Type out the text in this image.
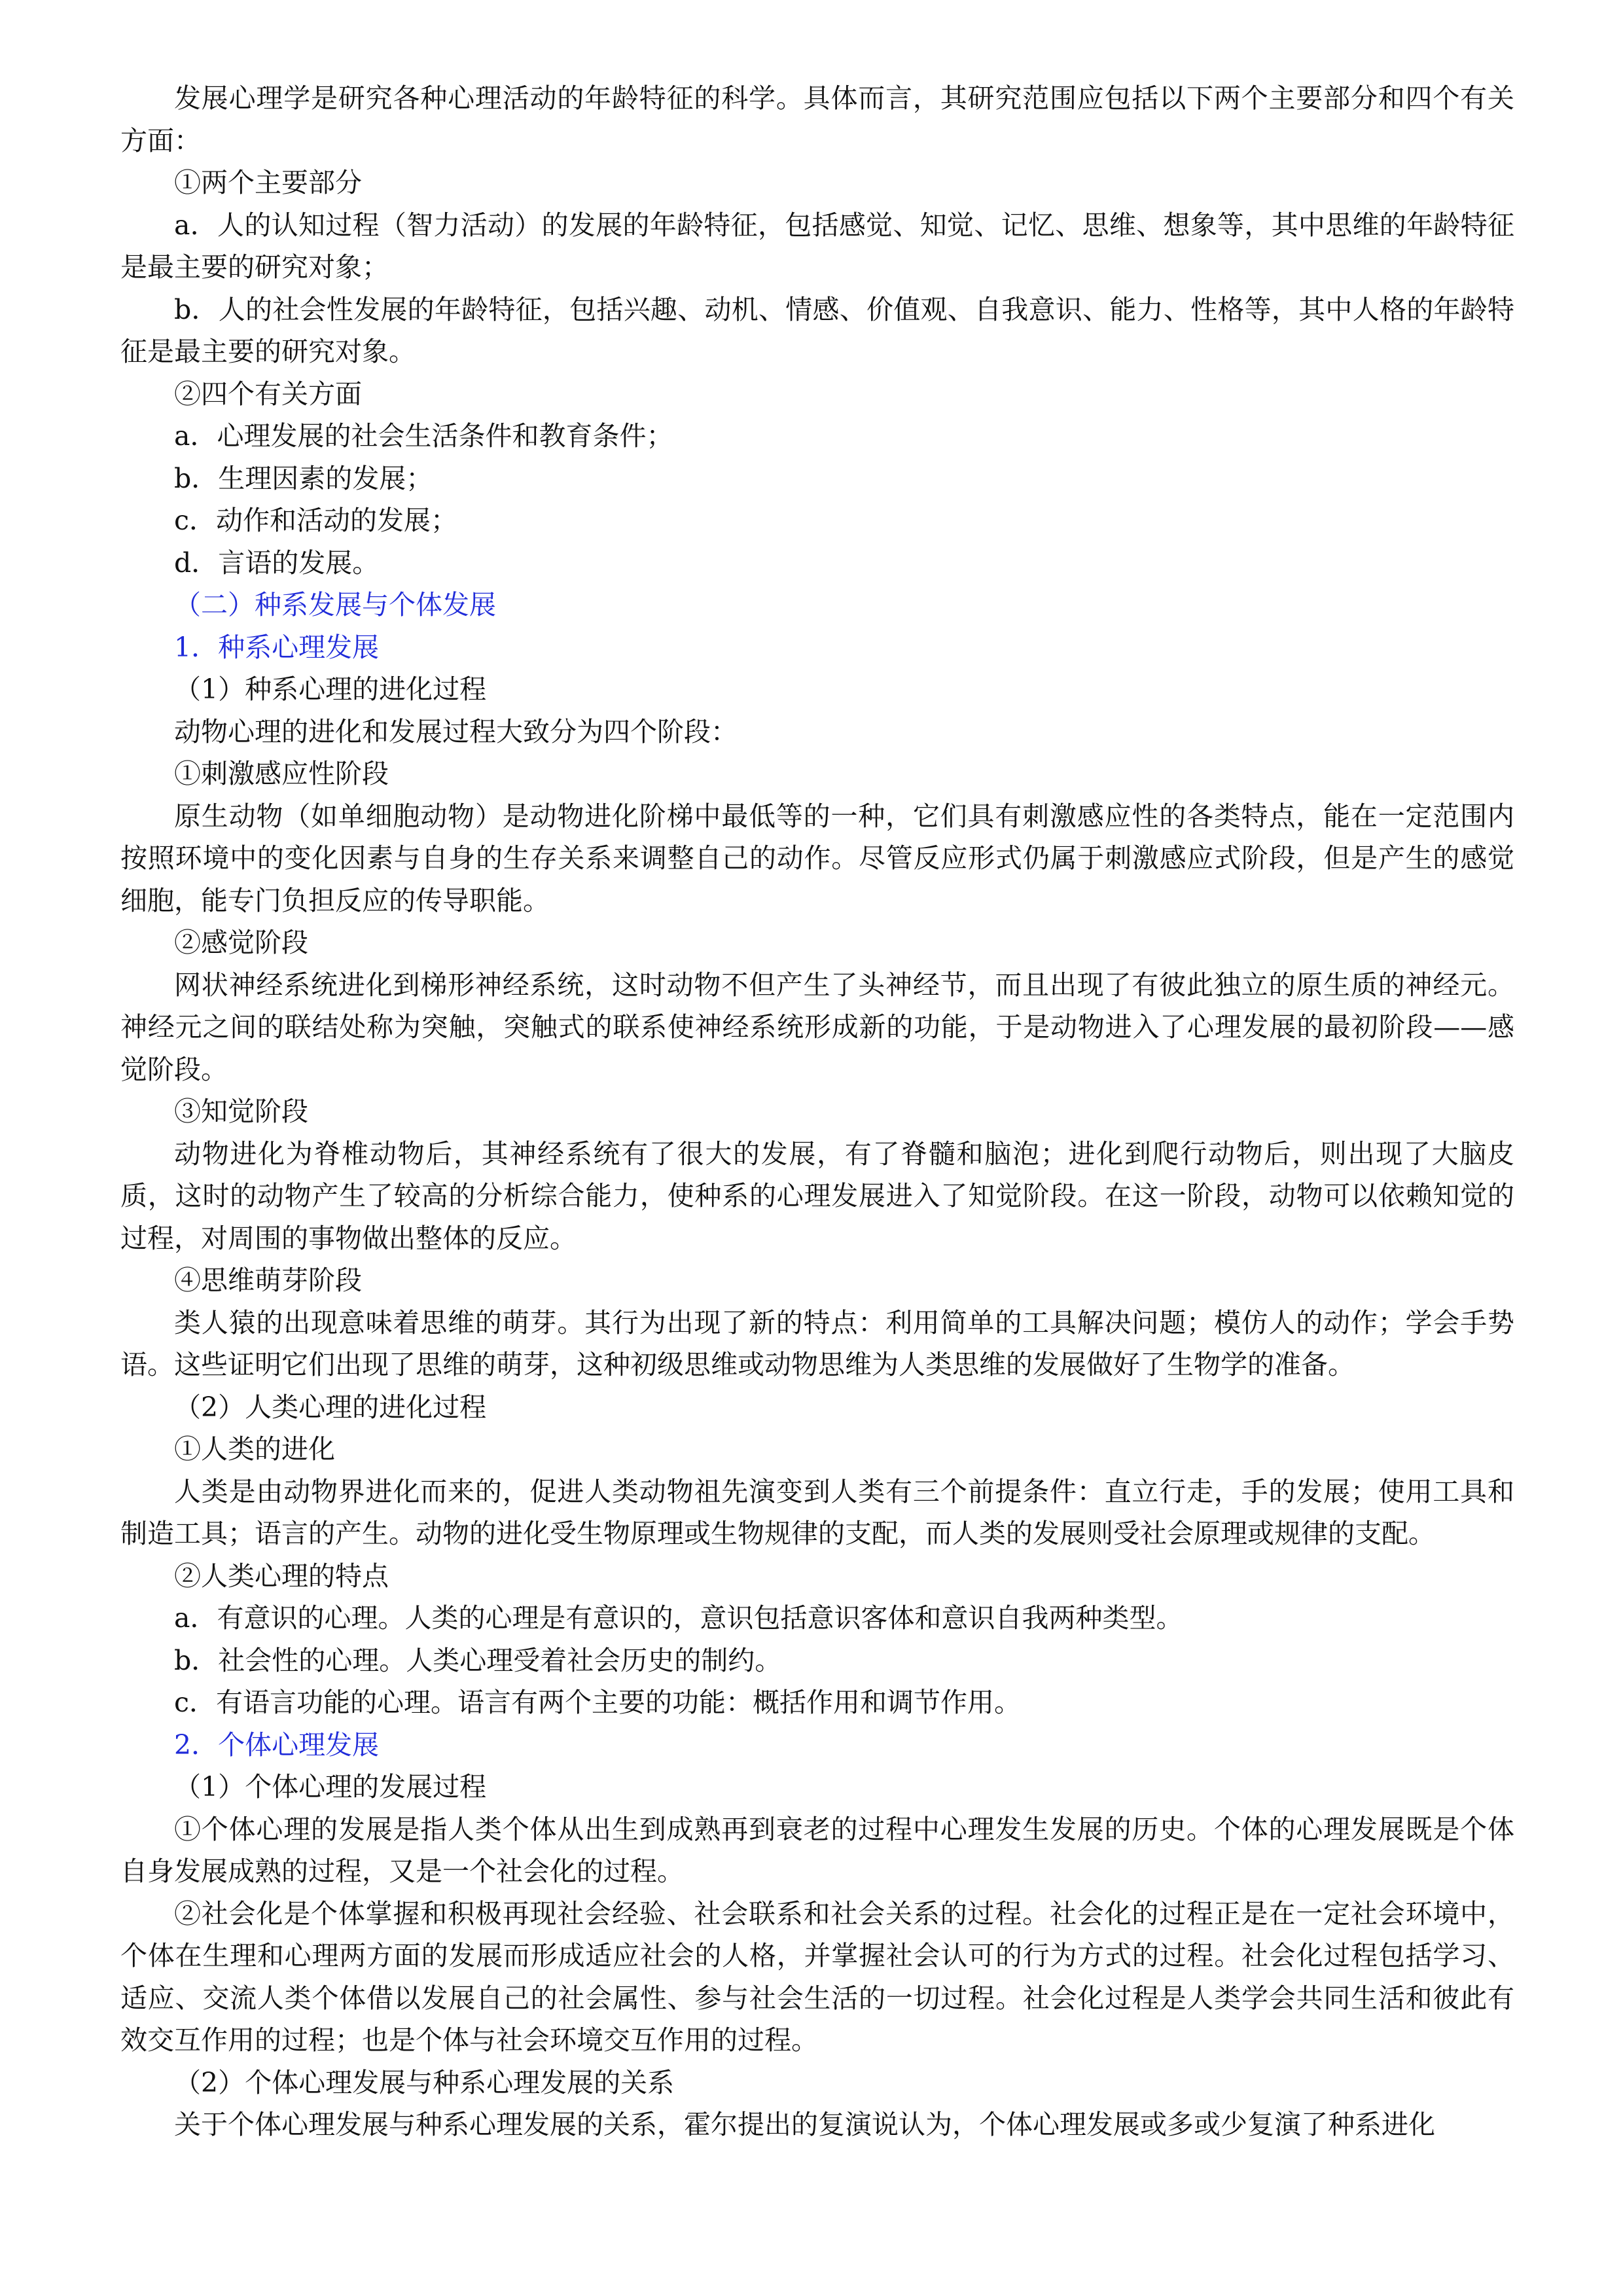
发展心理学是研究各种心理活动的年龄特征的科学。具体而言，其研究范围应包括以下两个主要部分和四个有关方面：

①两个主要部分

a．人的认知过程（智力活动）的发展的年龄特征，包括感觉、知觉、记忆、思维、想象等，其中思维的年龄特征是最主要的研究对象；

b．人的社会性发展的年龄特征，包括兴趣、动机、情感、价值观、自我意识、能力、性格等，其中人格的年龄特征是最主要的研究对象。

②四个有关方面

a．心理发展的社会生活条件和教育条件；

b．生理因素的发展；

c．动作和活动的发展；

d．言语的发展。

（二）种系发展与个体发展

1．种系心理发展

（1）种系心理的进化过程

动物心理的进化和发展过程大致分为四个阶段：

①刺激感应性阶段

原生动物（如单细胞动物）是动物进化阶梯中最低等的一种，它们具有刺激感应性的各类特点，能在一定范围内按照环境中的变化因素与自身的生存关系来调整自己的动作。尽管反应形式仍属于刺激感应式阶段，但是产生的感觉细胞，能专门负担反应的传导职能。

②感觉阶段

网状神经系统进化到梯形神经系统，这时动物不但产生了头神经节，而且出现了有彼此独立的原生质的神经元。神经元之间的联结处称为突触，突触式的联系使神经系统形成新的功能，于是动物进入了心理发展的最初阶段——感觉阶段。

③知觉阶段

动物进化为脊椎动物后，其神经系统有了很大的发展，有了脊髓和脑泡；进化到爬行动物后，则出现了大脑皮质，这时的动物产生了较高的分析综合能力，使种系的心理发展进入了知觉阶段。在这一阶段，动物可以依赖知觉的过程，对周围的事物做出整体的反应。

④思维萌芽阶段

类人猿的出现意味着思维的萌芽。其行为出现了新的特点：利用简单的工具解决问题；模仿人的动作；学会手势语。这些证明它们出现了思维的萌芽，这种初级思维或动物思维为人类思维的发展做好了生物学的准备。

（2）人类心理的进化过程

①人类的进化

人类是由动物界进化而来的，促进人类动物祖先演变到人类有三个前提条件：直立行走，手的发展；使用工具和制造工具；语言的产生。动物的进化受生物原理或生物规律的支配，而人类的发展则受社会原理或规律的支配。

②人类心理的特点

a．有意识的心理。人类的心理是有意识的，意识包括意识客体和意识自我两种类型。

b．社会性的心理。人类心理受着社会历史的制约。

c．有语言功能的心理。语言有两个主要的功能：概括作用和调节作用。

2．个体心理发展

（1）个体心理的发展过程

①个体心理的发展是指人类个体从出生到成熟再到衰老的过程中心理发生发展的历史。个体的心理发展既是个体自身发展成熟的过程，又是一个社会化的过程。

②社会化是个体掌握和积极再现社会经验、社会联系和社会关系的过程。社会化的过程正是在一定社会环境中，个体在生理和心理两方面的发展而形成适应社会的人格，并掌握社会认可的行为方式的过程。社会化过程包括学习、适应、交流人类个体借以发展自己的社会属性、参与社会生活的一切过程。社会化过程是人类学会共同生活和彼此有效交互作用的过程；也是个体与社会环境交互作用的过程。

（2）个体心理发展与种系心理发展的关系

关于个体心理发展与种系心理发展的关系，霍尔提出的复演说认为，个体心理发展或多或少复演了种系进化
